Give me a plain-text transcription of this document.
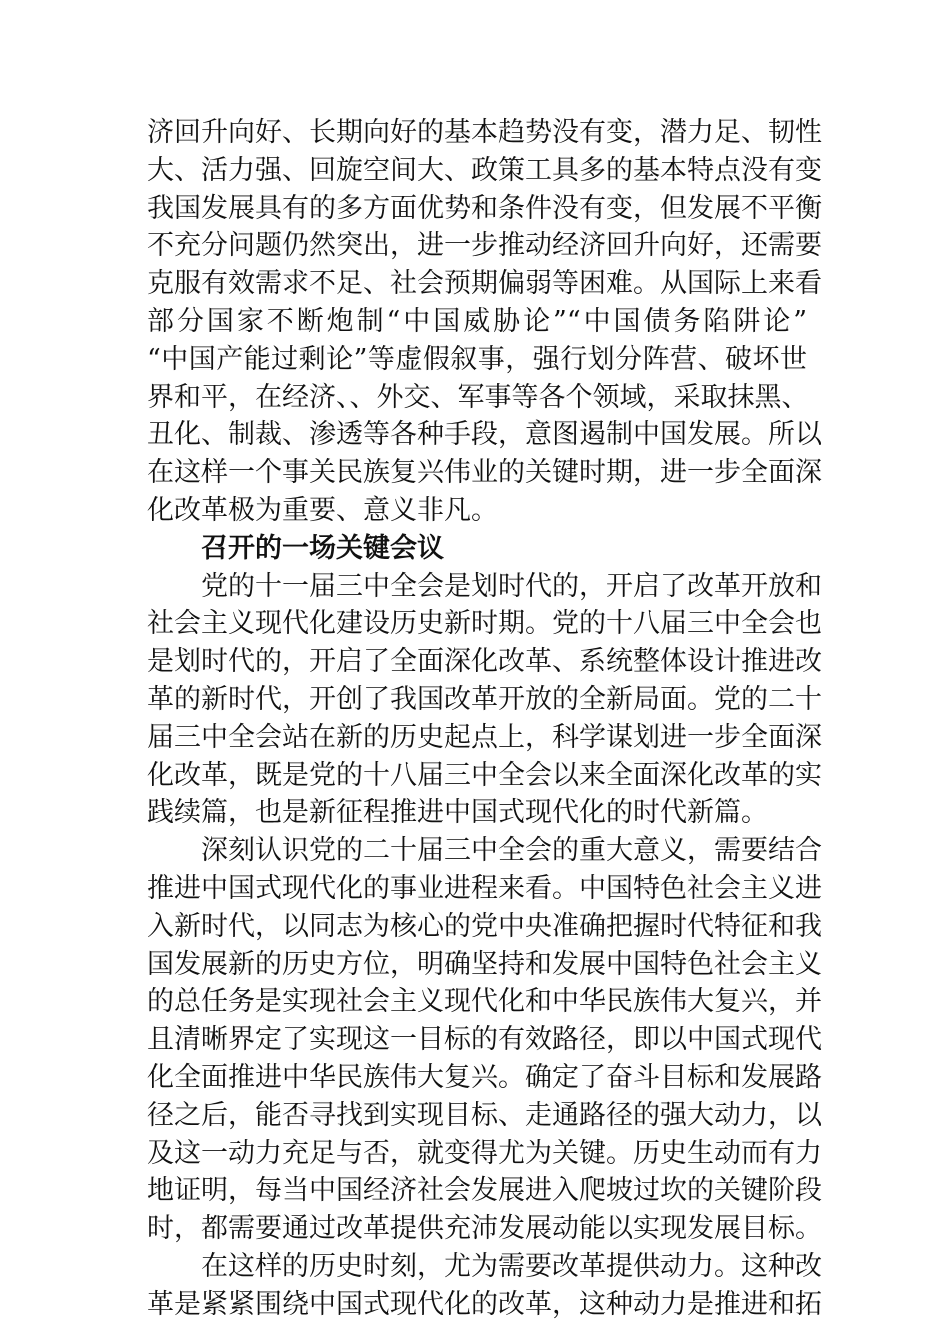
济回升向好、长期向好的基本趋势没有变，潜力足、韧性
大、活力强、回旋空间大、政策工具多的基本特点没有变
我国发展具有的多方面优势和条件没有变，但发展不平衡
不充分问题仍然突出，进一步推动经济回升向好，还需要
克服有效需求不足、社会预期偏弱等困难。从国际上来看
部分国家不断炮制“中国威胁论”“中国债务陷阱论”
“中国产能过剩论”等虚假叙事，强行划分阵营、破坏世
界和平，在经济、、外交、军事等各个领域，采取抹黑、
丑化、制裁、渗透等各种手段，意图遏制中国发展。所以
在这样一个事关民族复兴伟业的关键时期，进一步全面深
化改革极为重要、意义非凡。
召开的一场关键会议
党的十一届三中全会是划时代的，开启了改革开放和
社会主义现代化建设历史新时期。党的十八届三中全会也
是划时代的，开启了全面深化改革、系统整体设计推进改
革的新时代，开创了我国改革开放的全新局面。党的二十
届三中全会站在新的历史起点上，科学谋划进一步全面深
化改革，既是党的十八届三中全会以来全面深化改革的实
践续篇，也是新征程推进中国式现代化的时代新篇。
深刻认识党的二十届三中全会的重大意义，需要结合
推进中国式现代化的事业进程来看。中国特色社会主义进
入新时代，以同志为核心的党中央准确把握时代特征和我
国发展新的历史方位，明确坚持和发展中国特色社会主义
的总任务是实现社会主义现代化和中华民族伟大复兴，并
且清晰界定了实现这一目标的有效路径，即以中国式现代
化全面推进中华民族伟大复兴。确定了奋斗目标和发展路
径之后，能否寻找到实现目标、走通路径的强大动力，以
及这一动力充足与否，就变得尤为关键。历史生动而有力
地证明，每当中国经济社会发展进入爬坡过坎的关键阶段
时，都需要通过改革提供充沛发展动能以实现发展目标。
在这样的历史时刻，尤为需要改革提供动力。这种改
革是紧紧围绕中国式现代化的改革，这种动力是推进和拓
